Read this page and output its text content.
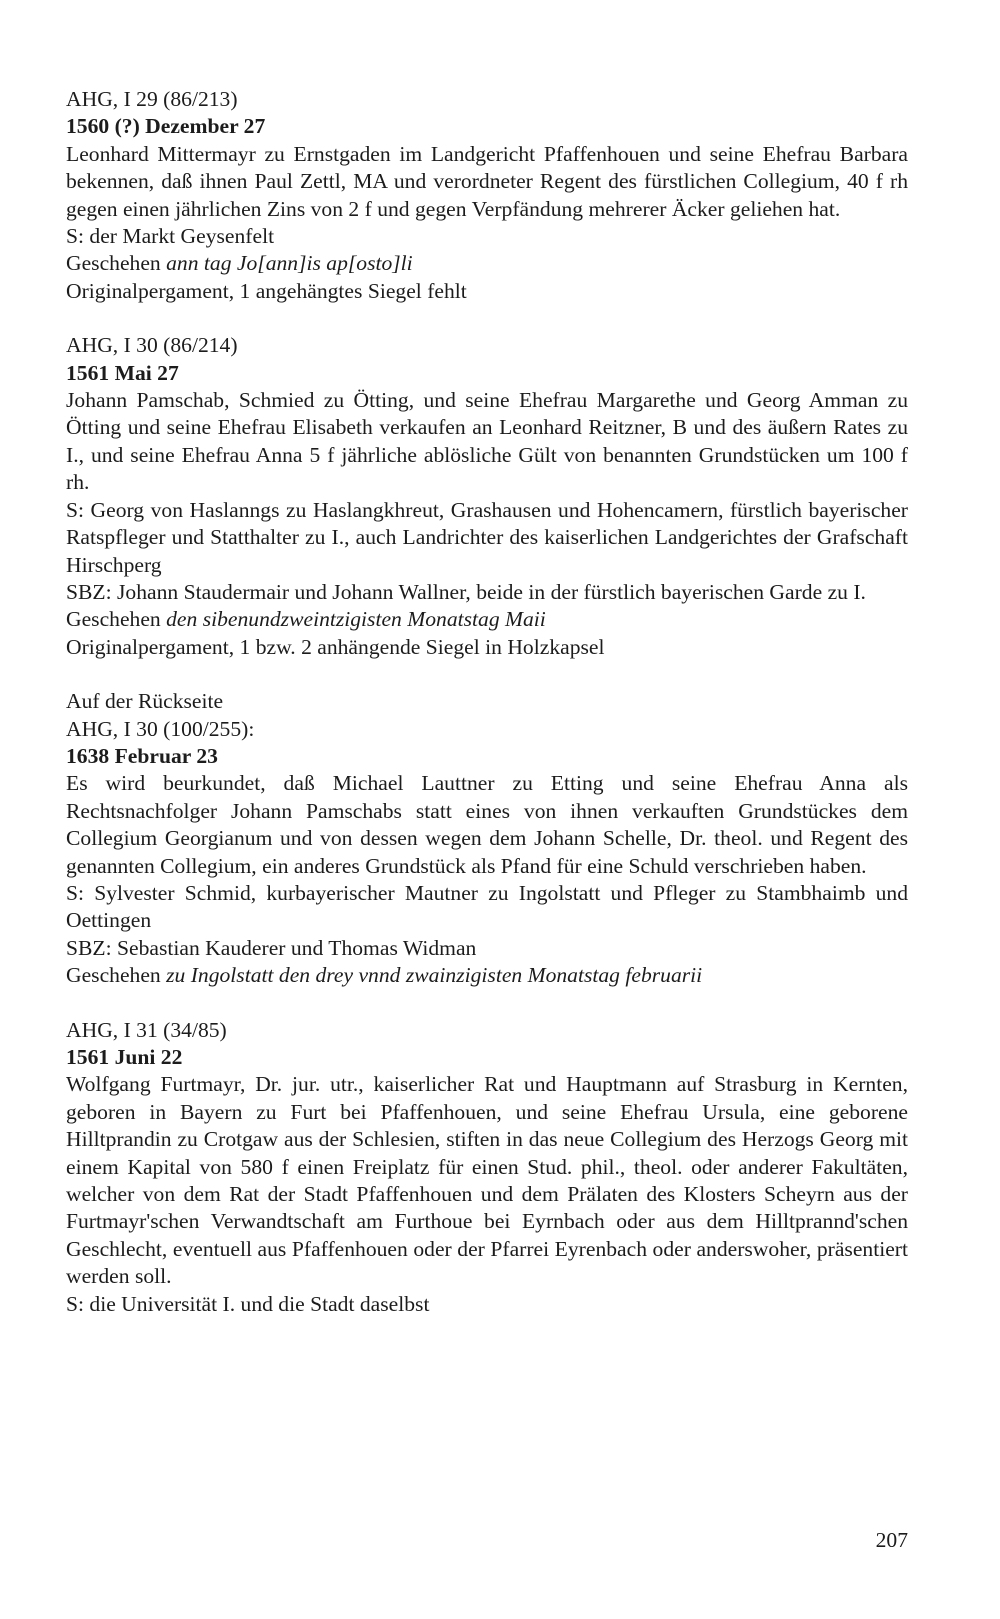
AHG, I 29 (86/213)
1560 (?) Dezember 27
Leonhard Mittermayr zu Ernstgaden im Landgericht Pfaffenhouen und seine Ehefrau Barbara bekennen, daß ihnen Paul Zettl, MA und verordneter Regent des fürstlichen Collegium, 40 f rh gegen einen jährlichen Zins von 2 f und gegen Verpfändung mehrerer Äcker geliehen hat.
S: der Markt Geysenfelt
Geschehen ann tag Jo[ann]is ap[osto]li
Originalpergament, 1 angehängtes Siegel fehlt
AHG, I 30 (86/214)
1561 Mai 27
Johann Pamschab, Schmied zu Ötting, und seine Ehefrau Margarethe und Georg Amman zu Ötting und seine Ehefrau Elisabeth verkaufen an Leonhard Reitzner, B und des äußern Rates zu I., und seine Ehefrau Anna 5 f jährliche ablösliche Gült von benannten Grundstücken um 100 f rh.
S: Georg von Haslanngs zu Haslangkhreut, Grashausen und Hohencamern, fürstlich bayerischer Ratspfleger und Statthalter zu I., auch Landrichter des kaiserlichen Landgerichtes der Grafschaft Hirschperg
SBZ: Johann Staudermair und Johann Wallner, beide in der fürstlich bayerischen Garde zu I.
Geschehen den sibenundzweintzigisten Monatstag Maii
Originalpergament, 1 bzw. 2 anhängende Siegel in Holzkapsel
Auf der Rückseite
AHG, I 30 (100/255):
1638 Februar 23
Es wird beurkundet, daß Michael Lauttner zu Etting und seine Ehefrau Anna als Rechtsnachfolger Johann Pamschabs statt eines von ihnen verkauften Grundstückes dem Collegium Georgianum und von dessen wegen dem Johann Schelle, Dr. theol. und Regent des genannten Collegium, ein anderes Grundstück als Pfand für eine Schuld verschrieben haben.
S: Sylvester Schmid, kurbayerischer Mautner zu Ingolstatt und Pfleger zu Stambhaimb und Oettingen
SBZ: Sebastian Kauderer und Thomas Widman
Geschehen zu Ingolstatt den drey vnnd zwainzigisten Monatstag februarii
AHG, I 31 (34/85)
1561 Juni 22
Wolfgang Furtmayr, Dr. jur. utr., kaiserlicher Rat und Hauptmann auf Strasburg in Kernten, geboren in Bayern zu Furt bei Pfaffenhouen, und seine Ehefrau Ursula, eine geborene Hilltprandin zu Crotgaw aus der Schlesien, stiften in das neue Collegium des Herzogs Georg mit einem Kapital von 580 f einen Freiplatz für einen Stud. phil., theol. oder anderer Fakultäten, welcher von dem Rat der Stadt Pfaffenhouen und dem Prälaten des Klosters Scheyrn aus der Furtmayr'schen Verwandtschaft am Furthoue bei Eyrnbach oder aus dem Hilltprannd'schen Geschlecht, eventuell aus Pfaffenhouen oder der Pfarrei Eyrenbach oder anderswoher, präsentiert werden soll.
S: die Universität I. und die Stadt daselbst
207
